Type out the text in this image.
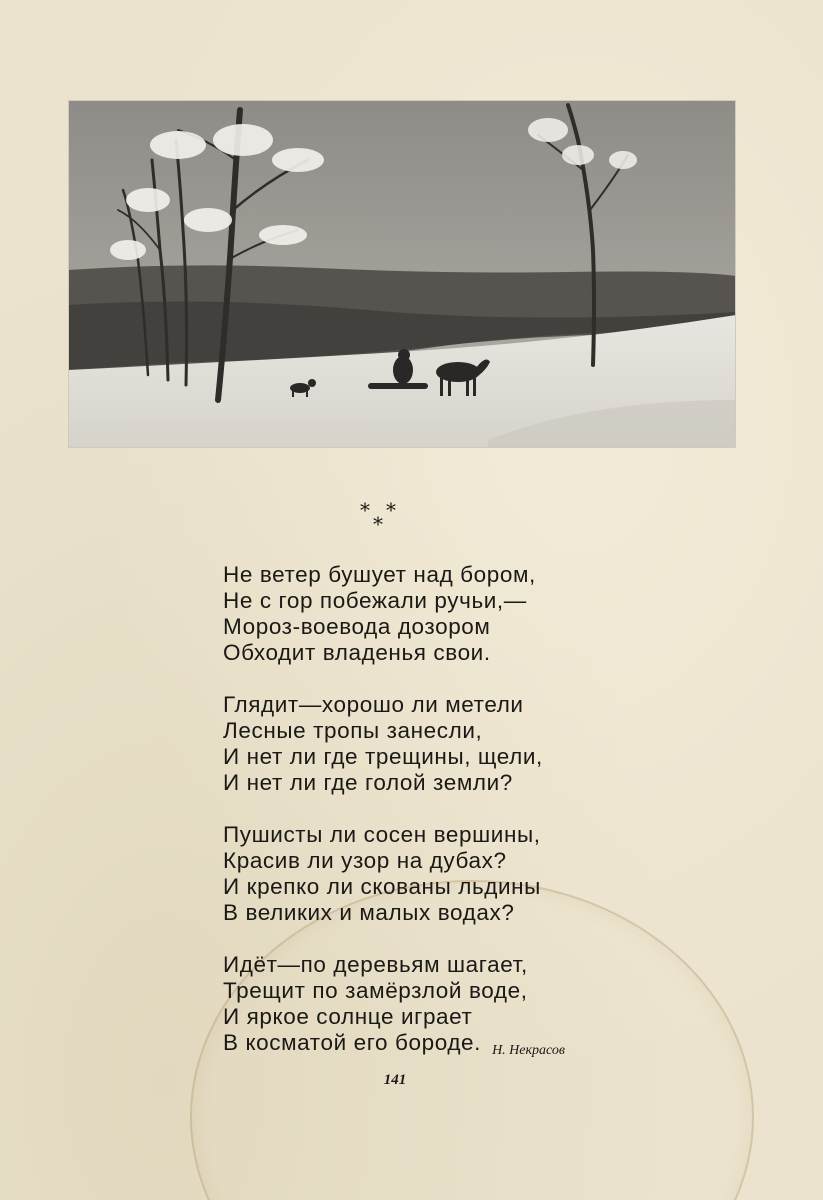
* *
*
Не ветер бушует над бором,
Не с гор побежали ручьи,—
Мороз-воевода дозором
Обходит владенья свои.
Глядит—хорошо ли метели
Лесные тропы занесли,
И нет ли где трещины, щели,
И нет ли где голой земли?
Пушисты ли сосен вершины,
Красив ли узор на дубах?
И крепко ли скованы льдины
В великих и малых водах?
Идёт—по деревьям шагает,
Трещит по замёрзлой воде,
И яркое солнце играет
В косматой его бороде. Н. Некрасов
141
